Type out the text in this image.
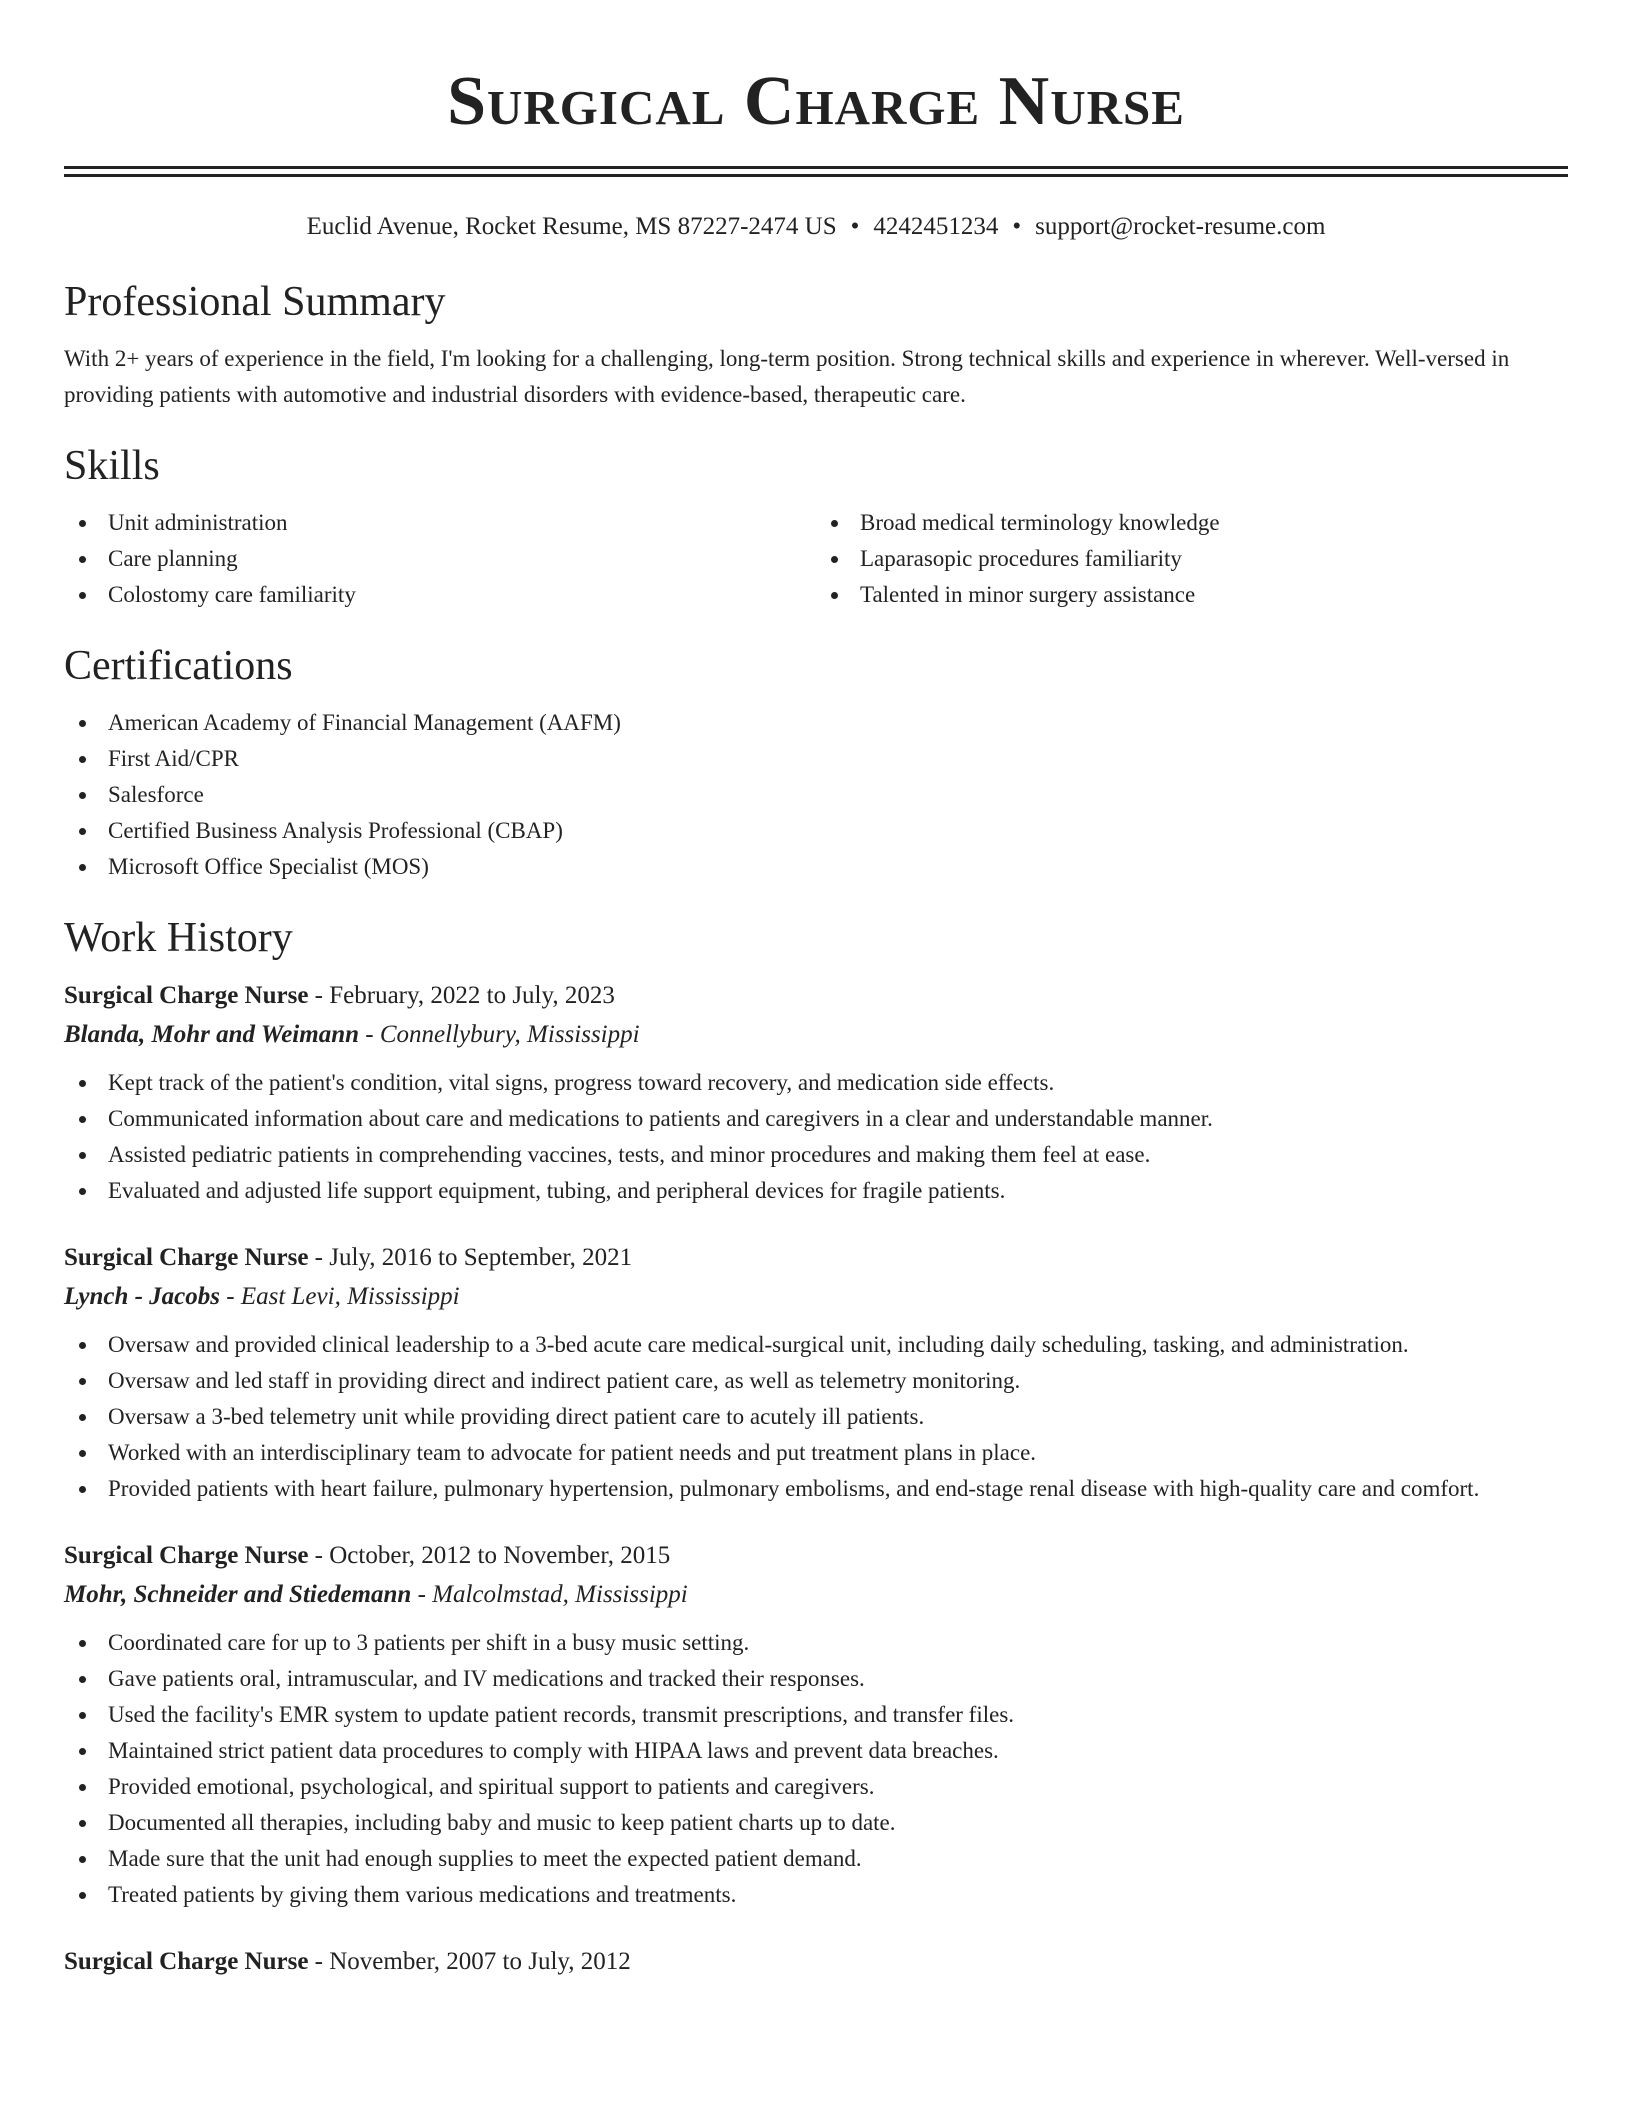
Surgical Charge Nurse
Euclid Avenue, Rocket Resume, MS 87227-2474 US • 4242451234 • support@rocket-resume.com
Professional Summary
With 2+ years of experience in the field, I'm looking for a challenging, long-term position. Strong technical skills and experience in wherever. Well-versed in providing patients with automotive and industrial disorders with evidence-based, therapeutic care.
Skills
Unit administration
Care planning
Colostomy care familiarity
Broad medical terminology knowledge
Laparasopic procedures familiarity
Talented in minor surgery assistance
Certifications
American Academy of Financial Management (AAFM)
First Aid/CPR
Salesforce
Certified Business Analysis Professional (CBAP)
Microsoft Office Specialist (MOS)
Work History
Surgical Charge Nurse - February, 2022 to July, 2023
Blanda, Mohr and Weimann - Connellybury, Mississippi
Kept track of the patient's condition, vital signs, progress toward recovery, and medication side effects.
Communicated information about care and medications to patients and caregivers in a clear and understandable manner.
Assisted pediatric patients in comprehending vaccines, tests, and minor procedures and making them feel at ease.
Evaluated and adjusted life support equipment, tubing, and peripheral devices for fragile patients.
Surgical Charge Nurse - July, 2016 to September, 2021
Lynch - Jacobs - East Levi, Mississippi
Oversaw and provided clinical leadership to a 3-bed acute care medical-surgical unit, including daily scheduling, tasking, and administration.
Oversaw and led staff in providing direct and indirect patient care, as well as telemetry monitoring.
Oversaw a 3-bed telemetry unit while providing direct patient care to acutely ill patients.
Worked with an interdisciplinary team to advocate for patient needs and put treatment plans in place.
Provided patients with heart failure, pulmonary hypertension, pulmonary embolisms, and end-stage renal disease with high-quality care and comfort.
Surgical Charge Nurse - October, 2012 to November, 2015
Mohr, Schneider and Stiedemann - Malcolmstad, Mississippi
Coordinated care for up to 3 patients per shift in a busy music setting.
Gave patients oral, intramuscular, and IV medications and tracked their responses.
Used the facility's EMR system to update patient records, transmit prescriptions, and transfer files.
Maintained strict patient data procedures to comply with HIPAA laws and prevent data breaches.
Provided emotional, psychological, and spiritual support to patients and caregivers.
Documented all therapies, including baby and music to keep patient charts up to date.
Made sure that the unit had enough supplies to meet the expected patient demand.
Treated patients by giving them various medications and treatments.
Surgical Charge Nurse - November, 2007 to July, 2012
